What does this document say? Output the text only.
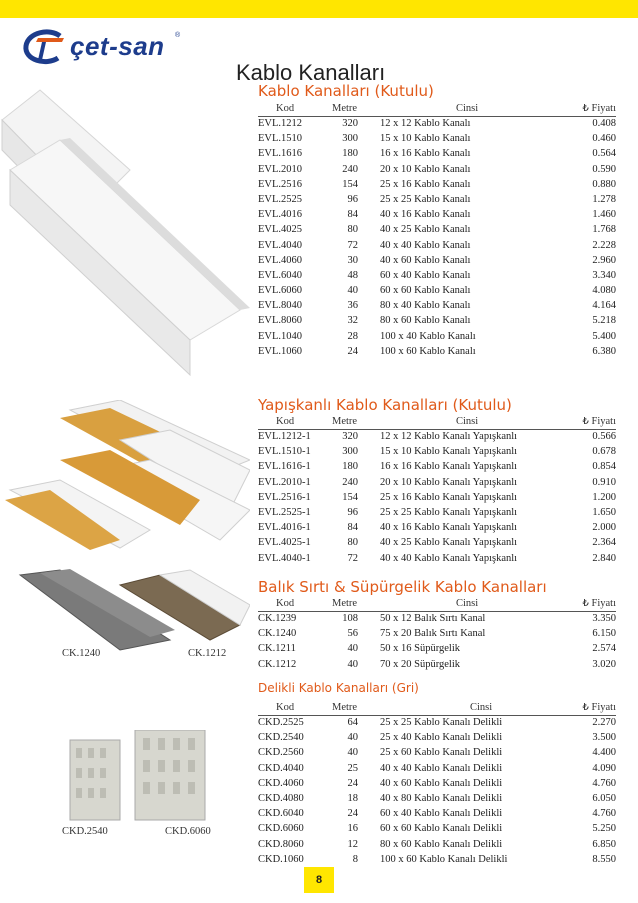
çet-san ®
Kablo Kanalları
CK.1240	CK.1212
CKD.2540	CKD.6060
Kablo Kanalları (Kutulu)
Kod	Metre	Cinsi	₺ Fiyatı
EVL.1212	320 12 x 12 Kablo Kanalı	0.408
EVL.1510	300 15 x 10 Kablo Kanalı	0.460
EVL.1616	180 16 x 16 Kablo Kanalı	0.564
EVL.2010	240 20 x 10 Kablo Kanalı	0.590
EVL.2516	154 25 x 16 Kablo Kanalı	0.880
EVL.2525	96 25 x 25 Kablo Kanalı	1.278
EVL.4016	84 40 x 16 Kablo Kanalı	1.460
EVL.4025	80 40 x 25 Kablo Kanalı	1.768
EVL.4040	72 40 x 40 Kablo Kanalı	2.228
EVL.4060	30 40 x 60 Kablo Kanalı	2.960
EVL.6040	48 60 x 40 Kablo Kanalı	3.340
EVL.6060	40 60 x 60 Kablo Kanalı	4.080
EVL.8040	36 80 x 40 Kablo Kanalı	4.164
EVL.8060	32 80 x 60 Kablo Kanalı	5.218
EVL.1040	28 100 x 40 Kablo Kanalı	5.400
EVL.1060	24 100 x 60 Kablo Kanalı	6.380
Yapışkanlı Kablo Kanalları (Kutulu)
Kod	Metre	Cinsi	₺ Fiyatı
EVL.1212-1	320 12 x 12 Kablo Kanalı Yapışkanlı	0.566
EVL.1510-1	300 15 x 10 Kablo Kanalı Yapışkanlı	0.678
EVL.1616-1	180 16 x 16 Kablo Kanalı Yapışkanlı	0.854
EVL.2010-1	240 20 x 10 Kablo Kanalı Yapışkanlı	0.910
EVL.2516-1	154 25 x 16 Kablo Kanalı Yapışkanlı	1.200
EVL.2525-1	96 25 x 25 Kablo Kanalı Yapışkanlı	1.650
EVL.4016-1	84 40 x 16 Kablo Kanalı Yapışkanlı	2.000
EVL.4025-1	80 40 x 25 Kablo Kanalı Yapışkanlı	2.364
EVL.4040-1	72 40 x 40 Kablo Kanalı Yapışkanlı	2.840
Balık Sırtı & Süpürgelik Kablo Kanalları
Kod	Metre	Cinsi	₺ Fiyatı
CK.1239	108 50 x 12 Balık Sırtı Kanal	3.350
CK.1240	56 75 x 20 Balık Sırtı Kanal	6.150
CK.1211	40 50 x 16 Süpürgelik	2.574
CK.1212	40 70 x 20 Süpürgelik	3.020
Delikli Kablo Kanalları (Gri)
Kod	Metre	Cinsi	₺ Fiyatı
CKD.2525	64 25 x 25 Kablo Kanalı Delikli	2.270
CKD.2540	40 25 x 40 Kablo Kanalı Delikli	3.500
CKD.2560	40 25 x 60 Kablo Kanalı Delikli	4.400
CKD.4040	25 40 x 40 Kablo Kanalı Delikli	4.090
CKD.4060	24 40 x 60 Kablo Kanalı Delikli	4.760
CKD.4080	18 40 x 80 Kablo Kanalı Delikli	6.050
CKD.6040	24 60 x 40 Kablo Kanalı Delikli	4.760
CKD.6060	16 60 x 60 Kablo Kanalı Delikli	5.250
CKD.8060	12 80 x 60 Kablo Kanalı Delikli	6.850
CKD.1060	8 100 x 60 Kablo Kanalı Delikli	8.550
8
